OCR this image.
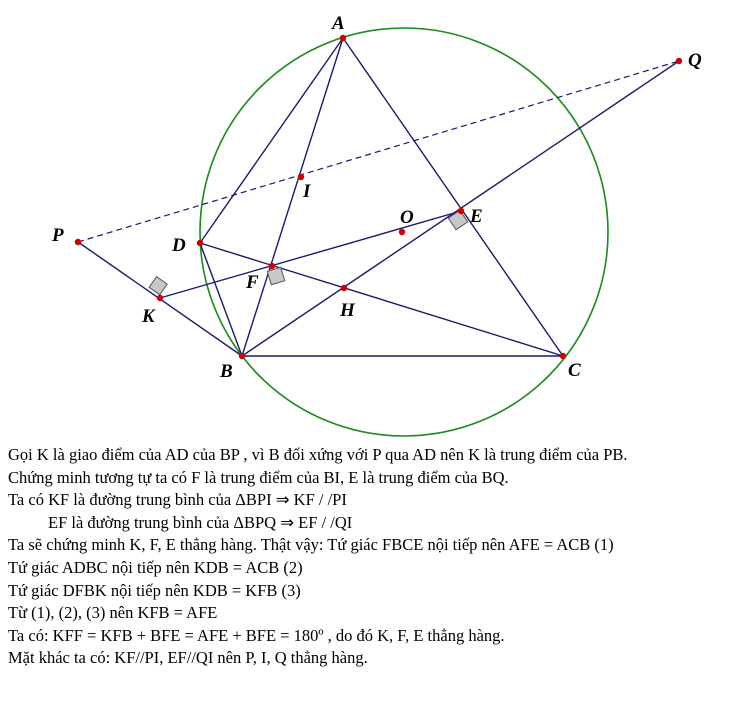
A
B	C
D
E
F
H
I
K
O
P
Q
Gọi K là giao điểm của AD của BP , vì B đối xứng với P qua AD nên K là trung điểm của PB.
Chứng minh tương tự ta có F là trung điểm của BI, E là trung điểm của BQ.
Ta có KF là đường trung bình của ΔBPI ⇒ KF / /PI
EF là đường trung bình của ΔBPQ ⇒ EF / /QI
Ta sẽ chứng minh K, F, E thẳng hàng. Thật vậy: Tứ giác FBCE nội tiếp nên AFE = ACB (1)
Tứ giác ADBC nội tiếp nên KDB = ACB (2)
Tứ giác DFBK nội tiếp nên KDB = KFB (3)
Từ (1), (2), (3) nên KFB = AFE
Ta có: KFF = KFB + BFE = AFE + BFE = 180º , do đó K, F, E thẳng hàng.
Mặt khác ta có: KF//PI, EF//QI nên P, I, Q thẳng hàng.
